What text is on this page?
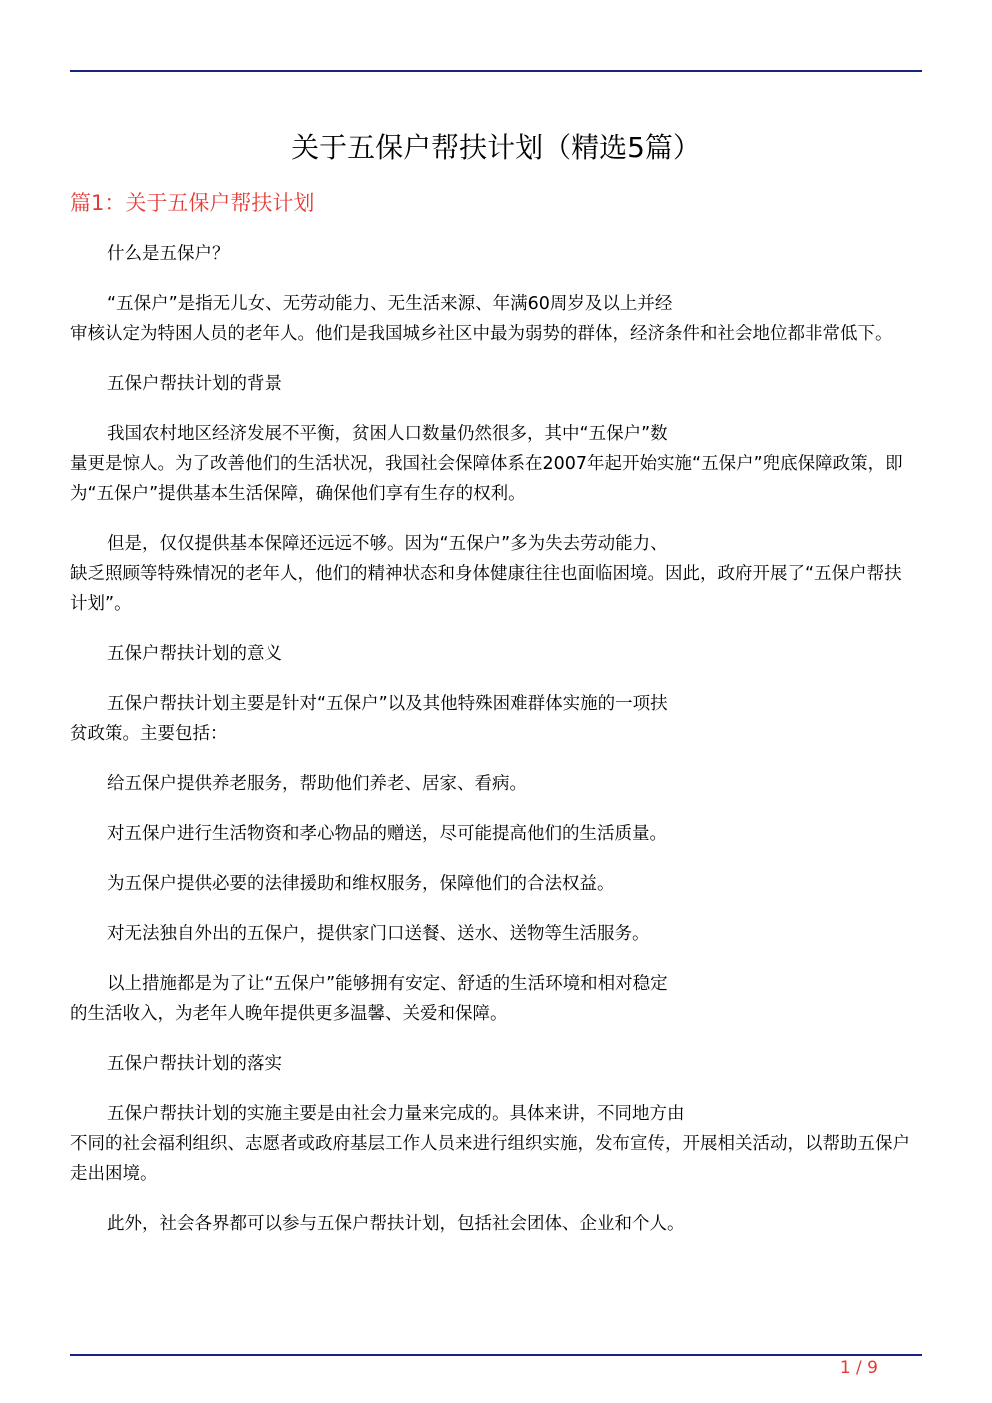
关于五保户帮扶计划（精选5篇）
篇1：关于五保户帮扶计划

什么是五保户？

“五保户”是指无儿女、无劳动能力、无生活来源、年满60周岁及以上并经
审核认定为特困人员的老年人。他们是我国城乡社区中最为弱势的群体，经济条件和社会地位都非常低下。

五保户帮扶计划的背景

我国农村地区经济发展不平衡，贫困人口数量仍然很多，其中“五保户”数
量更是惊人。为了改善他们的生活状况，我国社会保障体系在2007年起开始实施“五保户”兜底保障政策，即为“五保户”提供基本生活保障，确保他们享有生存的权利。

但是，仅仅提供基本保障还远远不够。因为“五保户”多为失去劳动能力、
缺乏照顾等特殊情况的老年人，他们的精神状态和身体健康往往也面临困境。因此，政府开展了“五保户帮扶计划”。

五保户帮扶计划的意义

五保户帮扶计划主要是针对“五保户”以及其他特殊困难群体实施的一项扶
贫政策。主要包括：

给五保户提供养老服务，帮助他们养老、居家、看病。

对五保户进行生活物资和孝心物品的赠送，尽可能提高他们的生活质量。

为五保户提供必要的法律援助和维权服务，保障他们的合法权益。

对无法独自外出的五保户，提供家门口送餐、送水、送物等生活服务。

以上措施都是为了让“五保户”能够拥有安定、舒适的生活环境和相对稳定
的生活收入，为老年人晚年提供更多温馨、关爱和保障。

五保户帮扶计划的落实

五保户帮扶计划的实施主要是由社会力量来完成的。具体来讲，不同地方由
不同的社会福利组织、志愿者或政府基层工作人员来进行组织实施，发布宣传，开展相关活动，以帮助五保户走出困境。

此外，社会各界都可以参与五保户帮扶计划，包括社会团体、企业和个人。

1 / 9
